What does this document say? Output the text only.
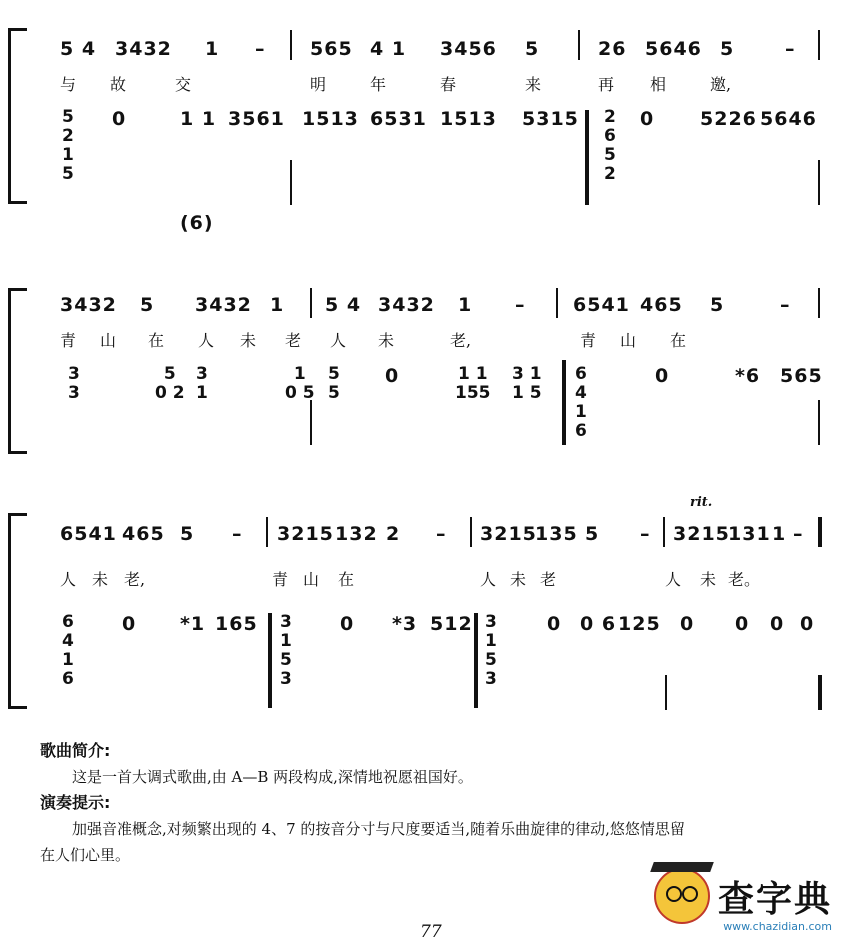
5 4 3432 1 – 565 4 1 3456 5	26 5646 5	–
与 故	交	明	年	春	来	再 相	邀,
5
2
1
5
0	1 1 3561 1513 6531 1513 5315 2
6
5
2
0 5226 5646
(6)
3432 5 3432 1 5 4 3432 1 –	6541 465 5	–
青 山 在 人 未 老 人 未	老,	青 山 在
3
3
5
0 2
3
1
1
0 5
5
5
0	1 1
155
3 1
1 5
6
4
1
6
0	*6 565
rit.
6541 465 5 – 3215 132 2 – 3215
135 5 – 3215
131 1 –
人 未 老,	青 山 在	人 未 老	人 未 老。
6
4
1
6
0 *1 165 3
1
5
3
0 *3 512 3
1
5
3
0 0 6 125 0 0 0 0
歌曲简介:
这是一首大调式歌曲,由 A—B 两段构成,深情地祝愿祖国好。
演奏提示:
加强音准概念,对频繁出现的 4、7 的按音分寸与尺度要适当,随着乐曲旋律的律动,悠悠情思留
在人们心里。
查字典
www.chazidian.com
77
